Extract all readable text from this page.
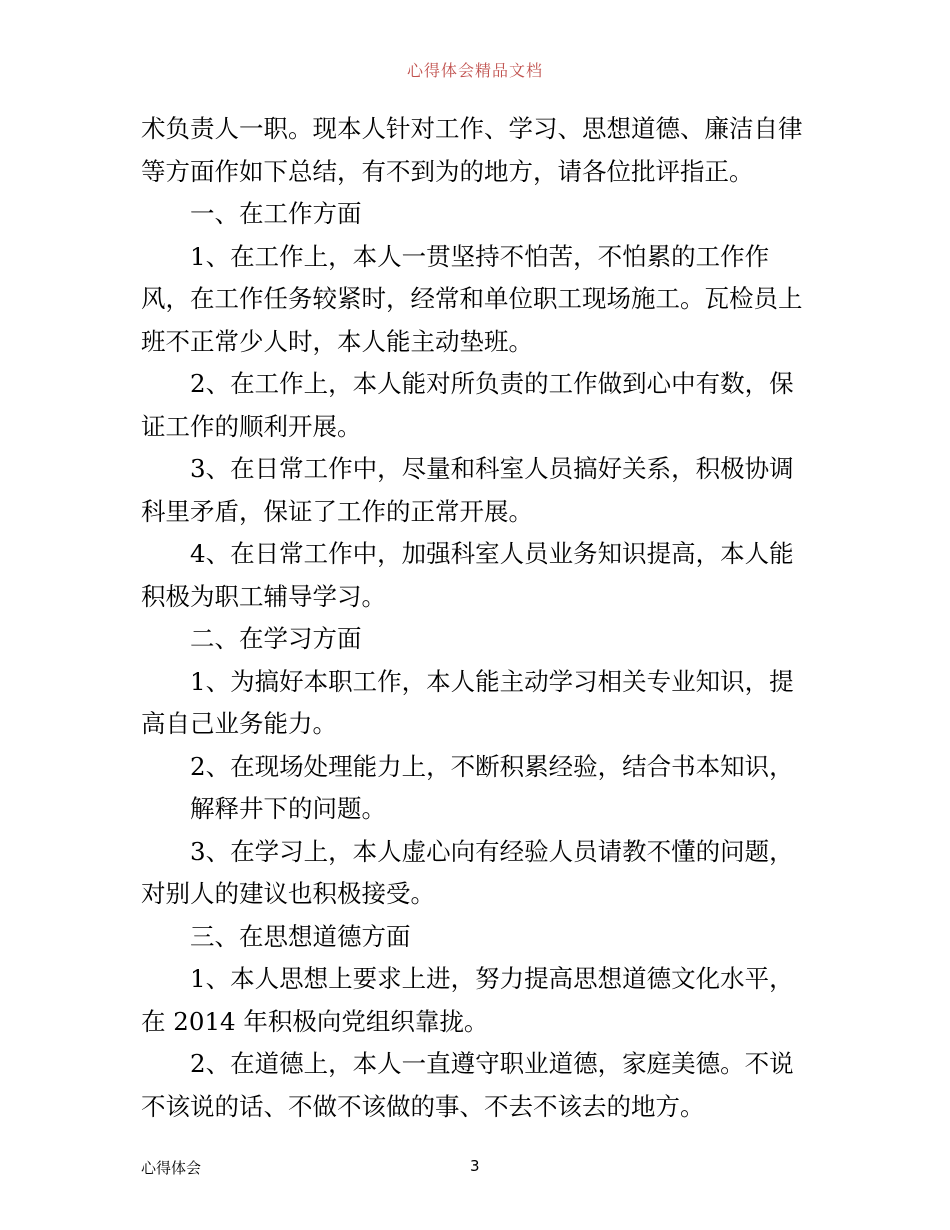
心得体会精品文档
术负责人一职。现本人针对工作、学习、思想道德、廉洁自律
等方面作如下总结，有不到为的地方，请各位批评指正。
一、在工作方面
1、在工作上，本人一贯坚持不怕苦，不怕累的工作作
风，在工作任务较紧时，经常和单位职工现场施工。瓦检员上
班不正常少人时，本人能主动垫班。
2、在工作上，本人能对所负责的工作做到心中有数，保
证工作的顺利开展。
3、在日常工作中，尽量和科室人员搞好关系，积极协调
科里矛盾，保证了工作的正常开展。
4、在日常工作中，加强科室人员业务知识提高，本人能
积极为职工辅导学习。
二、在学习方面
1、为搞好本职工作，本人能主动学习相关专业知识，提
高自己业务能力。
2、在现场处理能力上，不断积累经验，结合书本知识，
解释井下的问题。
3、在学习上，本人虚心向有经验人员请教不懂的问题，
对别人的建议也积极接受。
三、在思想道德方面
1、本人思想上要求上进，努力提高思想道德文化水平，
在 2014 年积极向党组织靠拢。
2、在道德上，本人一直遵守职业道德，家庭美德。不说
不该说的话、不做不该做的事、不去不该去的地方。
心得体会	3
